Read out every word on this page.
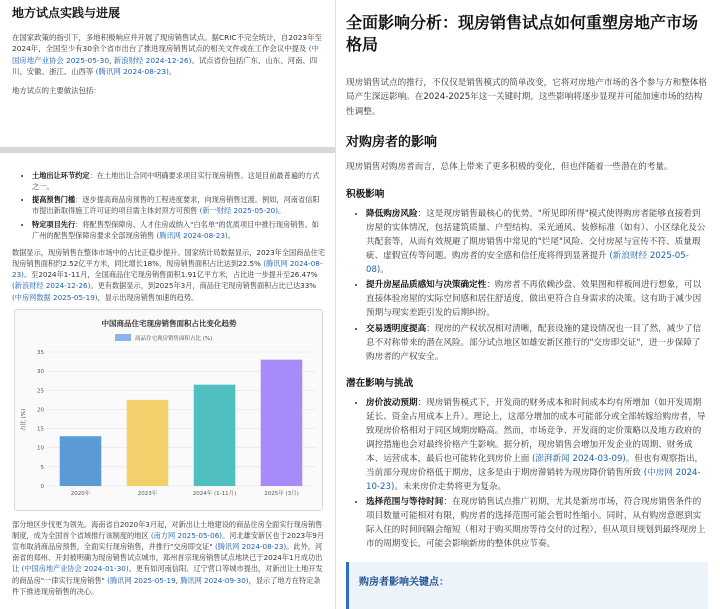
地方试点实践与进展

在国家政策的指引下，多地积极响应并开展了现房销售试点。据CRIC不完全统计，自2023年至2024年，全国至少有30余个省市出台了推进现房销售试点的相关文件或在工作会议中提及 (中国房地产业协会 2025-05-30, 新浪财经 2024-12-26)。试点省份包括广东、山东、河南、四川、安徽、浙江、山西等 (腾讯网 2024-08-23)。

地方试点的主要做法包括：

• 土地出让环节约定：在土地出让合同中明确要求项目实行现房销售。这是目前最普遍的方式之一。
• 提高预售门槛：逐步提高商品房预售的工程进度要求，向现房销售过渡。例如，河南省信阳市提出新取得施工许可证的项目需主体封顶方可预售 (新一财经 2025-05-20)。
• 特定项目先行：将配售型保障房、人才住房或纳入"白名单"的优质项目中推行现房销售。如广州的配售型保障房要求全部现房销售 (腾讯网 2024-08-23)。

数据显示，现房销售在整体市场中的占比正稳步提升。国家统计局数据显示，2023年全国商品住宅现房销售面积约2.52亿平方米，同比增长18%，现房销售面积占比达到22.5% (腾讯网 2024-08-23)。至2024年1-11月，全国商品住宅现房销售面积1.91亿平方米，占比进一步提升至26.47% (新浪财经 2024-12-26)。更有数据显示，到2025年3月，商品住宅现房销售面积占比已达33% (中房网数据 2025-05-19)，显示出现房销售加速的趋势。

中国商品住宅现房销售面积占比变化趋势
商品住宅现房销售面积占比 (%)
占比 (%)
0
5
10
15
20
25
30
35
2020年	2023年	2024年 (1-11月)	2025年 (3月)

部分地区步伐更为领先。海南省自2020年3月起，对新出让土地建设的商品住房全面实行现房销售制度，成为全国首个省域推行该制度的地区 (南方网 2025-05-06)。河北雄安新区也于2023年9月宣布取消商品房预售，全面实行现房销售，并推行"交房即交证" (腾讯网 2024-08-23)。此外，河南省的郑州、开封被明确为现房销售试点城市，郑州首宗现房销售试点地块已于2024年1月成功出让 (中国房地产业协会 2024-01-30)。更有如河南信阳、辽宁营口等城市提出，对新出让土地开发的商品房"一律实行现房销售" (腾讯网 2025-05-19, 腾讯网 2024-09-30)，显示了地方在特定条件下推进现房销售的决心。

全面影响分析：现房销售试点如何重塑房地产市场格局

现房销售试点的推行，不仅仅是销售模式的简单改变，它将对房地产市场的各个参与方和整体格局产生深远影响。在2024-2025年这一关键时期，这些影响将逐步显现并可能加速市场的结构性调整。

对购房者的影响

现房销售对购房者而言，总体上带来了更多积极的变化，但也伴随着一些潜在的考量。

积极影响
• 降低购房风险：这是现房销售最核心的优势。"所见即所得"模式使得购房者能够直接看到房屋的实体情况，包括建筑质量、户型结构、采光通风、装修标准（如有）、小区绿化及公共配套等，从而有效规避了期房销售中常见的"烂尾"风险、交付房屋与宣传不符、质量瑕疵、虚假宣传等问题。购房者的安全感和信任度将得到显著提升 (新浪财经 2025-05-08)。
• 提升房屋品质感知与决策确定性：购房者不再依赖沙盘、效果图和样板间进行想象，可以直接体验房屋的实际空间感和居住舒适度，做出更符合自身需求的决策。这有助于减少因预期与现实差距引发的后期纠纷。
• 交易透明度提高：现房的产权状况相对清晰，配套设施的建设情况也一目了然，减少了信息不对称带来的潜在风险。部分试点地区如雄安新区推行的"交房即交证"，进一步保障了购房者的产权安全。
潜在影响与挑战
• 房价波动预期：现房销售模式下，开发商的财务成本和时间成本均有所增加（如开发周期延长、资金占用成本上升）。理论上，这部分增加的成本可能部分或全部转嫁给购房者，导致现房价格相对于同区域期房略高。然而，市场竞争、开发商的定价策略以及地方政府的调控措施也会对最终价格产生影响。据分析，现房销售会增加开发企业的周期、财务成本、运营成本，最后也可能转化到房价上面 (澎湃新闻 2024-03-09)。但也有观察指出，当前部分现房价格低于期房，这多是由于期房滞销转为现房降价销售所致 (中房网 2024-10-23)。未来房价走势将更为复杂。
• 选择范围与等待时间：在现房销售试点推广初期，尤其是新房市场，符合现房销售条件的项目数量可能相对有限，购房者的选择范围可能会暂时性缩小。同时，从有购房意愿到实际入住的时间间隔会缩短（相对于购买期房等待交付的过程），但从项目规划到最终现房上市的周期变长，可能会影响新房的整体供应节奏。
购房者影响关键点：
